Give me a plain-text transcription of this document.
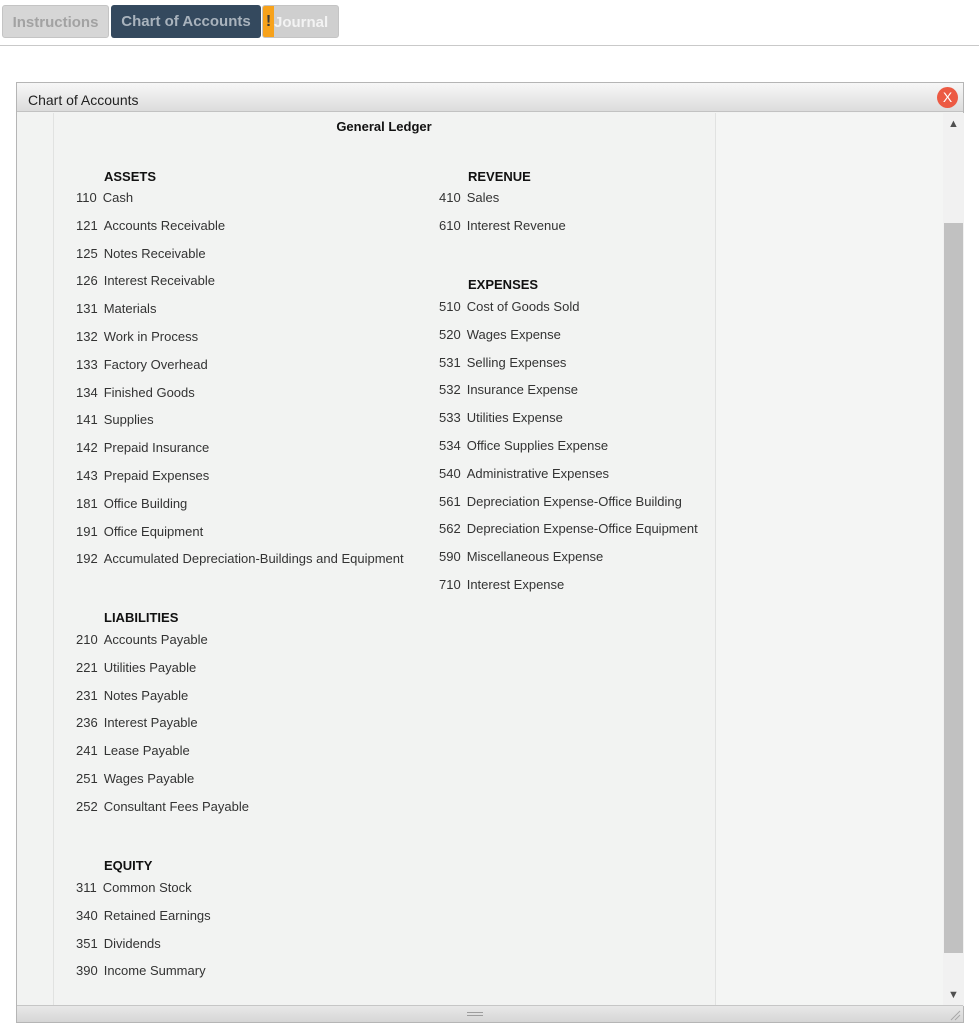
Instructions	Chart of Accounts ! Journal
Chart of Accounts	X
General Ledger
ASSETS
110 Cash
121 Accounts Receivable
125 Notes Receivable
126 Interest Receivable
131 Materials
132 Work in Process
133 Factory Overhead
134 Finished Goods
141 Supplies
142 Prepaid Insurance
143 Prepaid Expenses
181 Office Building
191 Office Equipment
192 Accumulated Depreciation-Buildings and Equipment
LIABILITIES
210 Accounts Payable
221 Utilities Payable
231 Notes Payable
236 Interest Payable
241 Lease Payable
251 Wages Payable
252 Consultant Fees Payable
EQUITY
311 Common Stock
340 Retained Earnings
351 Dividends
390 Income Summary
REVENUE
410 Sales
610 Interest Revenue
EXPENSES
510 Cost of Goods Sold
520 Wages Expense
531 Selling Expenses
532 Insurance Expense
533 Utilities Expense
534 Office Supplies Expense
540 Administrative Expenses
561 Depreciation Expense-Office Building
562 Depreciation Expense-Office Equipment
590 Miscellaneous Expense
710 Interest Expense
▲
▼
